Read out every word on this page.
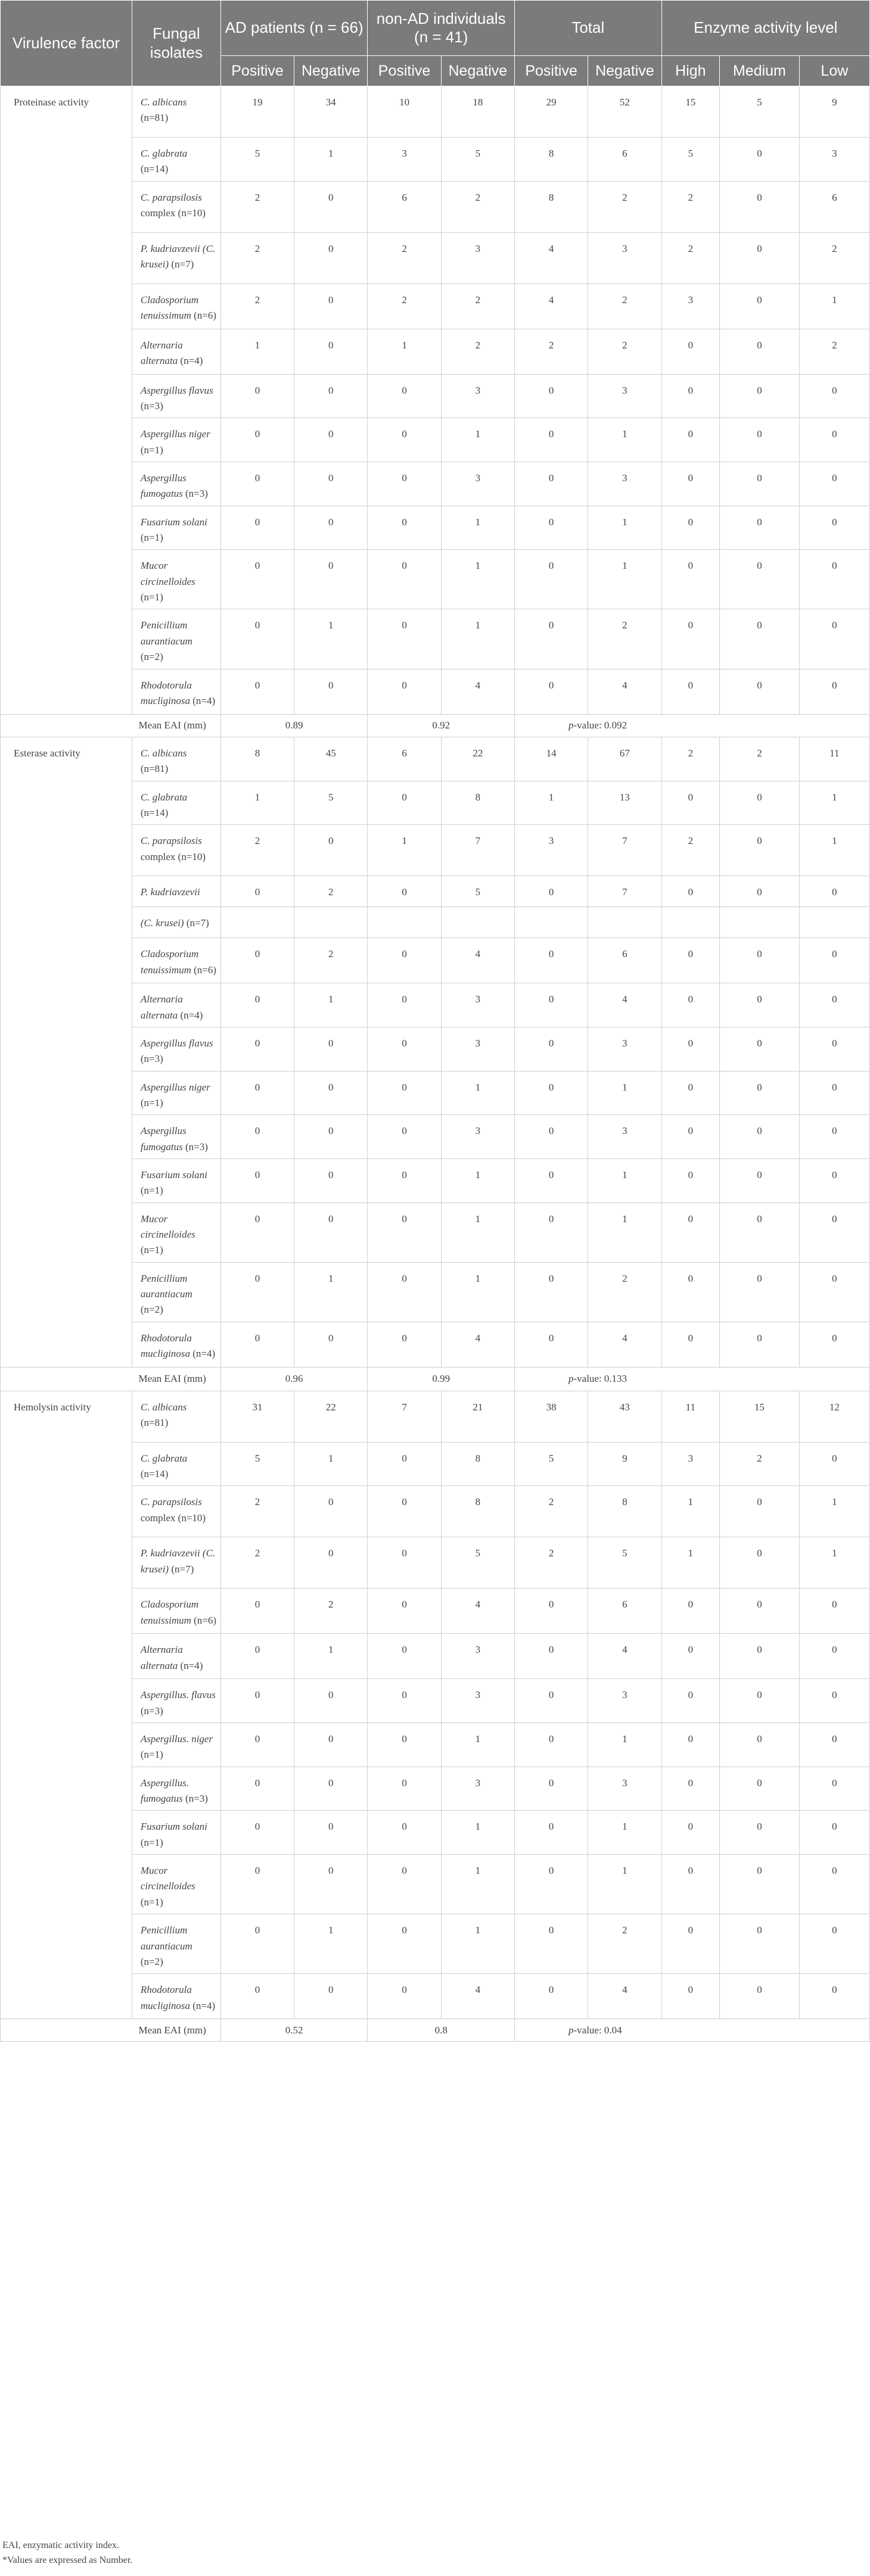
Virulence factor	Fungal isolates	AD patients (n = 66)		non-AD individuals (n = 41)		Total		Enzyme activity level		
		Positive	Negative	Positive	Negative	Positive	Negative	High	Medium	Low
Proteinase activity	C. albicans (n=81)	19	34	10	18	29	52	15	5	9
	C. glabrata (n=14)	5	1	3	5	8	6	5	0	3
	C. parapsilosis complex (n=10)	2	0	6	2	8	2	2	0	6
	P. kudriavzevii (C. krusei) (n=7)	2	0	2	3	4	3	2	0	2
	Cladosporium tenuissimum (n=6)	2	0	2	2	4	2	3	0	1
	Alternaria alternata (n=4)	1	0	1	2	2	2	0	0	2
	Aspergillus flavus (n=3)	0	0	0	3	0	3	0	0	0
	Aspergillus niger (n=1)	0	0	0	1	0	1	0	0	0
	Aspergillus fumogatus (n=3)	0	0	0	3	0	3	0	0	0
	Fusarium solani (n=1)	0	0	0	1	0	1	0	0	0
	Mucor circinelloides (n=1)	0	0	0	1	0	1	0	0	0
	Penicillium aurantiacum (n=2)	0	1	0	1	0	2	0	0	0
	Rhodotorula mucliginosa (n=4)	0	0	0	4	0	4	0	0	0
Mean EAI (mm)		0.89		0.92		p-value: 0.092				
Esterase activity	C. albicans (n=81)	8	45	6	22	14	67	2	2	11
	C. glabrata (n=14)	1	5	0	8	1	13	0	0	1
	C. parapsilosis complex (n=10)	2	0	1	7	3	7	2	0	1
	P. kudriavzevii	0	2	0	5	0	7	0	0	0
	(C. krusei) (n=7)									
	Cladosporium tenuissimum (n=6)	0	2	0	4	0	6	0	0	0
	Alternaria alternata (n=4)	0	1	0	3	0	4	0	0	0
	Aspergillus flavus (n=3)	0	0	0	3	0	3	0	0	0
	Aspergillus niger (n=1)	0	0	0	1	0	1	0	0	0
	Aspergillus fumogatus (n=3)	0	0	0	3	0	3	0	0	0
	Fusarium solani (n=1)	0	0	0	1	0	1	0	0	0
	Mucor circinelloides (n=1)	0	0	0	1	0	1	0	0	0
	Penicillium aurantiacum (n=2)	0	1	0	1	0	2	0	0	0
	Rhodotorula mucliginosa (n=4)	0	0	0	4	0	4	0	0	0
Mean EAI (mm)		0.96		0.99		p-value: 0.133				
Hemolysin activity	C. albicans (n=81)	31	22	7	21	38	43	11	15	12
	C. glabrata (n=14)	5	1	0	8	5	9	3	2	0
	C. parapsilosis complex (n=10)	2	0	0	8	2	8	1	0	1
	P. kudriavzevii (C. krusei) (n=7)	2	0	0	5	2	5	1	0	1
	Cladosporium tenuissimum (n=6)	0	2	0	4	0	6	0	0	0
	Alternaria alternata (n=4)	0	1	0	3	0	4	0	0	0
	Aspergillus. flavus (n=3)	0	0	0	3	0	3	0	0	0
	Aspergillus. niger (n=1)	0	0	0	1	0	1	0	0	0
	Aspergillus. fumogatus (n=3)	0	0	0	3	0	3	0	0	0
	Fusarium solani (n=1)	0	0	0	1	0	1	0	0	0
	Mucor circinelloides (n=1)	0	0	0	1	0	1	0	0	0
	Penicillium aurantiacum (n=2)	0	1	0	1	0	2	0	0	0
	Rhodotorula mucliginosa (n=4)	0	0	0	4	0	4	0	0	0
Mean EAI (mm)		0.52		0.8		p-value: 0.04				
EAI, enzymatic activity index.
*Values are expressed as Number.
